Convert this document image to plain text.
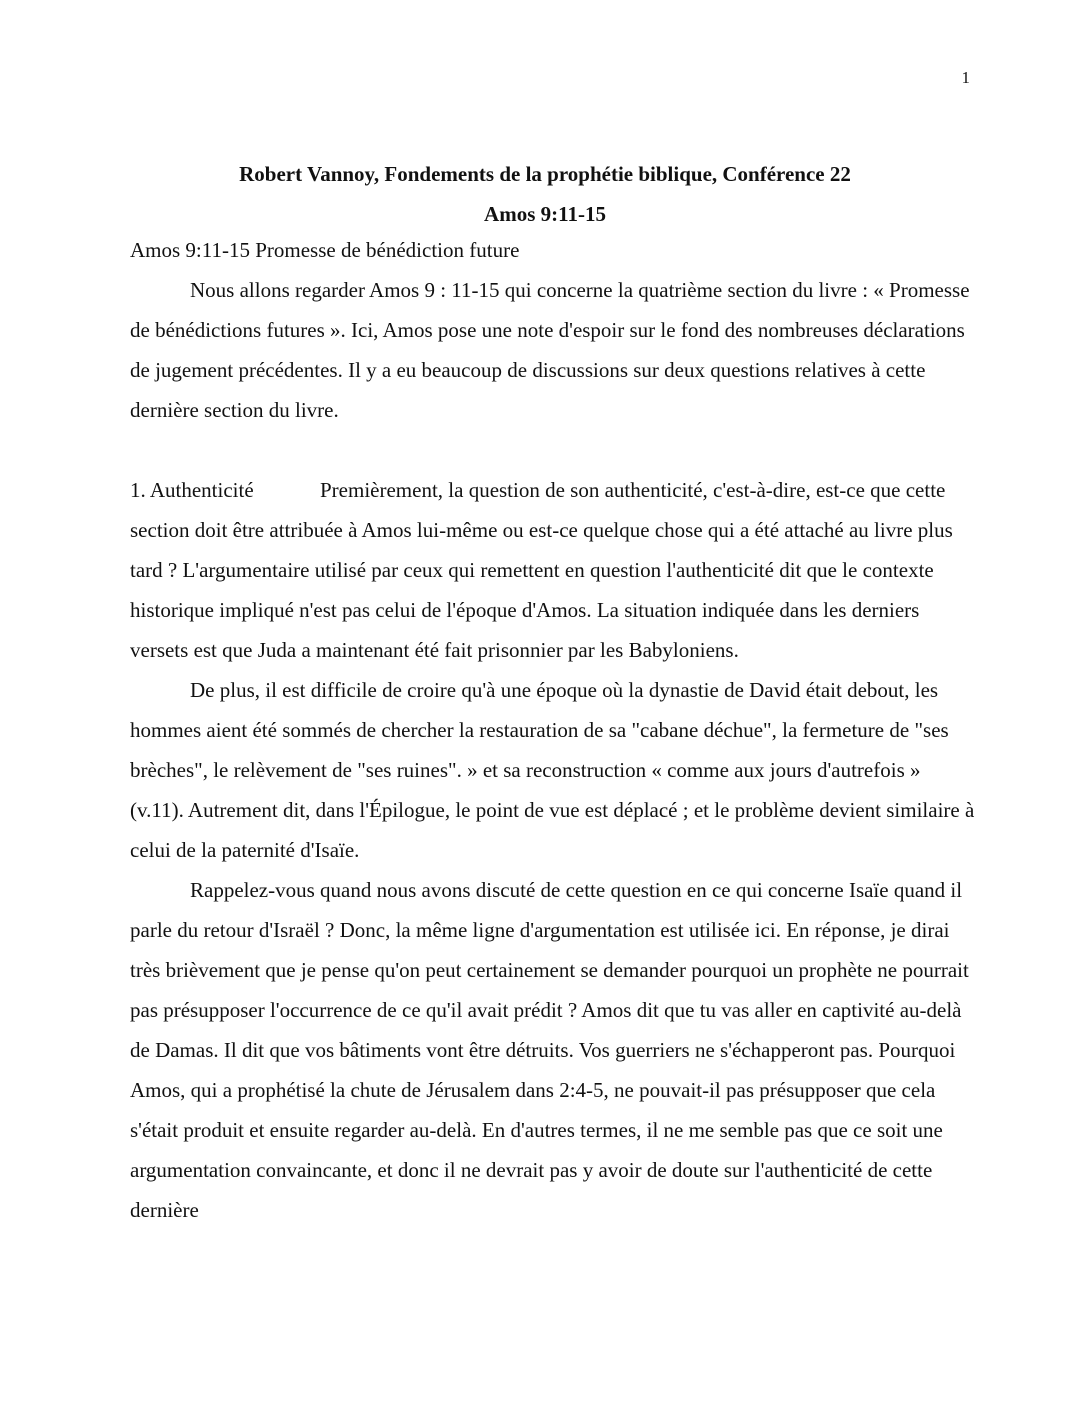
1
Robert Vannoy, Fondements de la prophétie biblique, Conférence 22
Amos 9:11-15

Amos 9:11-15 Promesse de bénédiction future

Nous allons regarder Amos 9 : 11-15 qui concerne la quatrième section du livre : « Promesse de bénédictions futures ». Ici, Amos pose une note d'espoir sur le fond des nombreuses déclarations de jugement précédentes. Il y a eu beaucoup de discussions sur deux questions relatives à cette dernière section du livre.

1. Authenticité	Premièrement, la question de son authenticité, c'est-à-dire, est-ce que cette section doit être attribuée à Amos lui-même ou est-ce quelque chose qui a été attaché au livre plus tard ? L'argumentaire utilisé par ceux qui remettent en question l'authenticité dit que le contexte historique impliqué n'est pas celui de l'époque d'Amos. La situation indiquée dans les derniers versets est que Juda a maintenant été fait prisonnier par les Babyloniens.

De plus, il est difficile de croire qu'à une époque où la dynastie de David était debout, les hommes aient été sommés de chercher la restauration de sa "cabane déchue", la fermeture de "ses brèches", le relèvement de "ses ruines". » et sa reconstruction « comme aux jours d'autrefois » (v.11). Autrement dit, dans l'Épilogue, le point de vue est déplacé ; et le problème devient similaire à celui de la paternité d'Isaïe.

Rappelez-vous quand nous avons discuté de cette question en ce qui concerne Isaïe quand il parle du retour d'Israël ? Donc, la même ligne d'argumentation est utilisée ici. En réponse, je dirai très brièvement que je pense qu'on peut certainement se demander pourquoi un prophète ne pourrait pas présupposer l'occurrence de ce qu'il avait prédit ? Amos dit que tu vas aller en captivité au-delà de Damas. Il dit que vos bâtiments vont être détruits. Vos guerriers ne s'échapperont pas. Pourquoi Amos, qui a prophétisé la chute de Jérusalem dans 2:4-5, ne pouvait-il pas présupposer que cela s'était produit et ensuite regarder au-delà. En d'autres termes, il ne me semble pas que ce soit une argumentation convaincante, et donc il ne devrait pas y avoir de doute sur l'authenticité de cette dernière
